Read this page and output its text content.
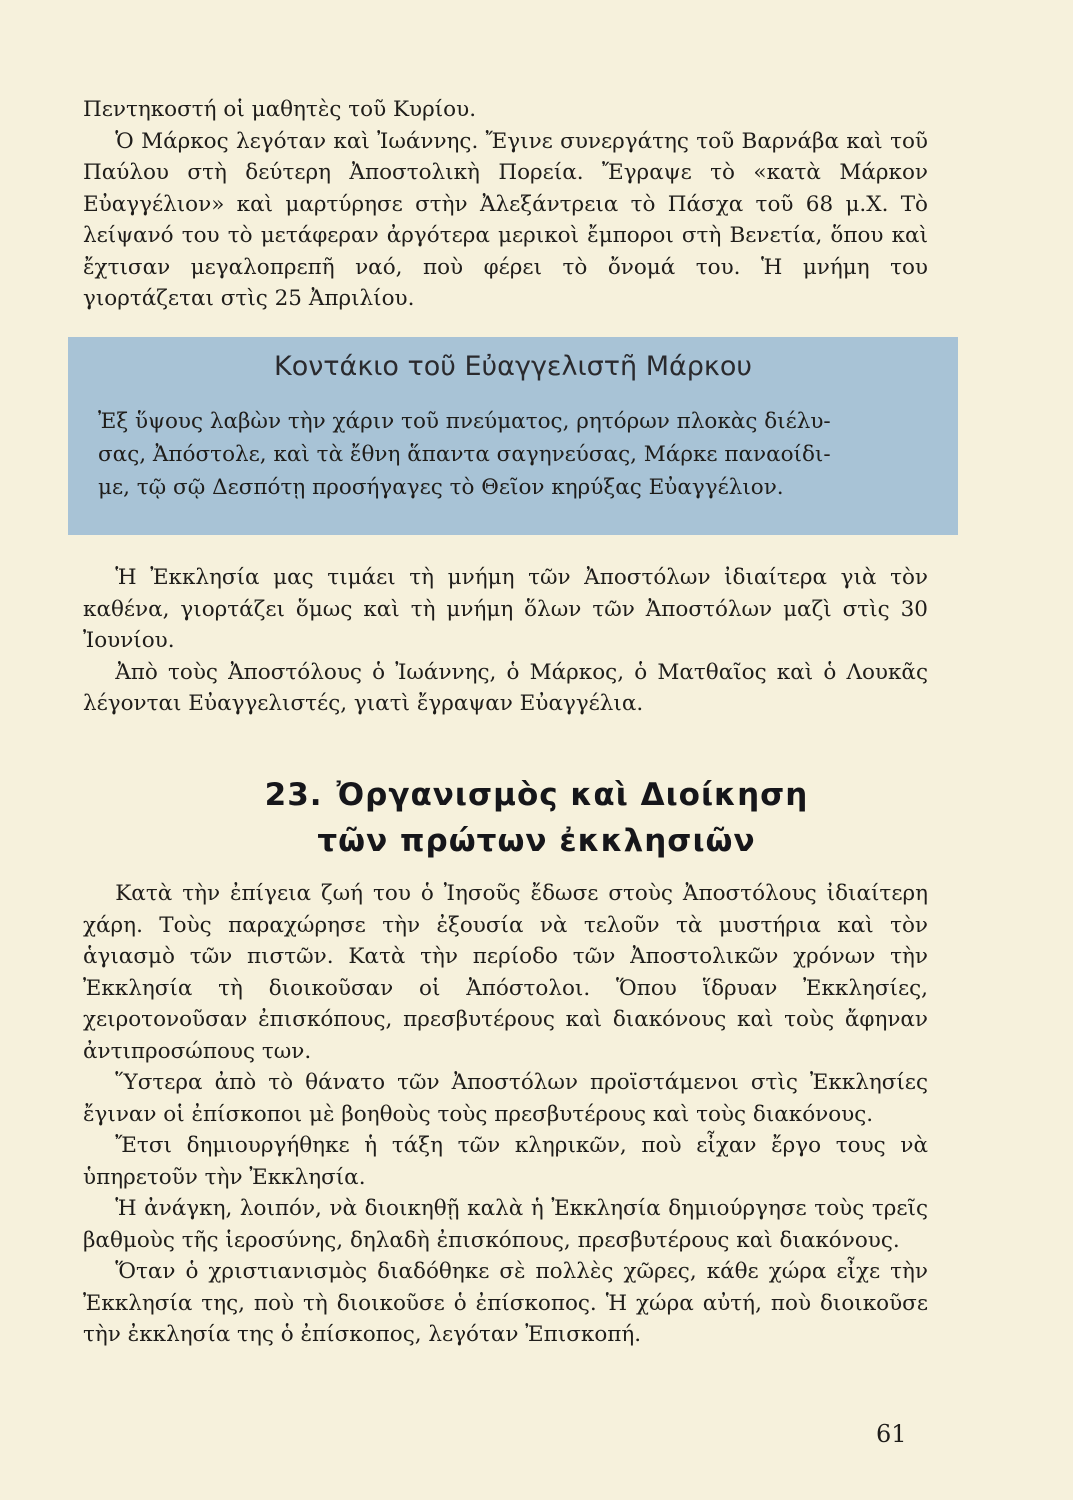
Πεντηκοστή οἱ μαθητὲς τοῦ Κυρίου.

Ὁ Μάρκος λεγόταν καὶ Ἰωάννης. Ἔγινε συνεργάτης τοῦ Βαρνάβα καὶ τοῦ Παύλου στὴ δεύτερη Ἀποστολικὴ Πορεία. Ἔγραψε τὸ «κατὰ Μάρκον Εὐαγγέλιον» καὶ μαρτύρησε στὴν Ἀλεξάντρεια τὸ Πάσχα τοῦ 68 μ.Χ. Τὸ λείψανό του τὸ μετάφεραν ἀργότερα μερικοὶ ἔμποροι στὴ Βενετία, ὅπου καὶ ἔχτισαν μεγαλοπρεπῆ ναό, ποὺ φέρει τὸ ὄνομά του. Ἡ μνήμη του γιορτάζεται στὶς 25 Ἀπριλίου.

Κοντάκιο τοῦ Εὐαγγελιστῆ Μάρκου
Ἐξ ὕψους λαβὼν τὴν χάριν τοῦ πνεύματος, ρητόρων πλοκὰς διέλυ-
σας, Ἀπόστολε, καὶ τὰ ἔθνη ἅπαντα σαγηνεύσας, Μάρκε παναοίδι-
με, τῷ σῷ Δεσπότῃ προσήγαγες τὸ Θεῖον κηρύξας Εὐαγγέλιον.

Ἡ Ἐκκλησία μας τιμάει τὴ μνήμη τῶν Ἀποστόλων ἰδιαίτερα γιὰ τὸν καθένα, γιορτάζει ὅμως καὶ τὴ μνήμη ὅλων τῶν Ἀποστόλων μαζὶ στὶς 30 Ἰουνίου.

Ἀπὸ τοὺς Ἀποστόλους ὁ Ἰωάννης, ὁ Μάρκος, ὁ Ματθαῖος καὶ ὁ Λουκᾶς λέγονται Εὐαγγελιστές, γιατὶ ἔγραψαν Εὐαγγέλια.

23. Ὀργανισμὸς καὶ Διοίκηση
τῶν πρώτων ἐκκλησιῶν

Κατὰ τὴν ἐπίγεια ζωή του ὁ Ἰησοῦς ἔδωσε στοὺς Ἀποστόλους ἰδιαίτερη χάρη. Τοὺς παραχώρησε τὴν ἐξουσία νὰ τελοῦν τὰ μυστήρια καὶ τὸν ἁγιασμὸ τῶν πιστῶν. Κατὰ τὴν περίοδο τῶν Ἀποστολικῶν χρόνων τὴν Ἐκκλησία τὴ διοικοῦσαν οἱ Ἀπόστολοι. Ὅπου ἵδρυαν Ἐκκλησίες, χειροτονοῦσαν ἐπισκόπους, πρεσβυτέρους καὶ διακόνους καὶ τοὺς ἄφηναν ἀντιπροσώπους των.

Ὕστερα ἀπὸ τὸ θάνατο τῶν Ἀποστόλων προϊστάμενοι στὶς Ἐκκλησίες ἔγιναν οἱ ἐπίσκοποι μὲ βοηθοὺς τοὺς πρεσβυτέρους καὶ τοὺς διακόνους.

Ἔτσι δημιουργήθηκε ἡ τάξη τῶν κληρικῶν, ποὺ εἶχαν ἔργο τους νὰ ὑπηρετοῦν τὴν Ἐκκλησία.

Ἡ ἀνάγκη, λοιπόν, νὰ διοικηθῇ καλὰ ἡ Ἐκκλησία δημιούργησε τοὺς τρεῖς βαθμοὺς τῆς ἱεροσύνης, δηλαδὴ ἐπισκόπους, πρεσβυτέρους καὶ διακόνους.

Ὅταν ὁ χριστιανισμὸς διαδόθηκε σὲ πολλὲς χῶρες, κάθε χώρα εἶχε τὴν Ἐκκλησία της, ποὺ τὴ διοικοῦσε ὁ ἐπίσκοπος. Ἡ χώρα αὐτή, ποὺ διοικοῦσε τὴν ἐκκλησία της ὁ ἐπίσκοπος, λεγόταν Ἐπισκοπή.

61
